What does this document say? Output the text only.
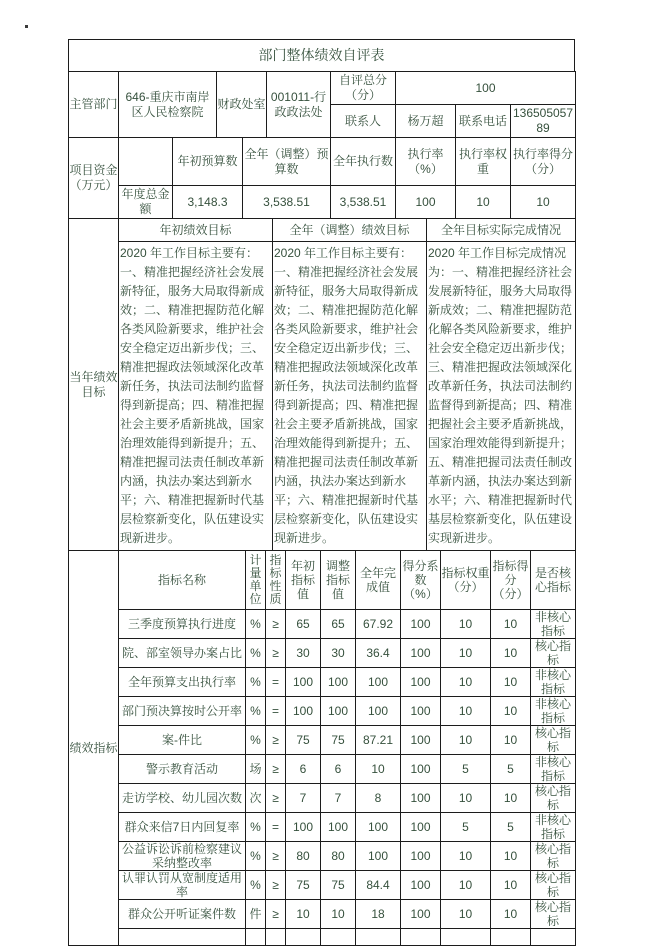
部门整体绩效自评表
主管部门	646-重庆市南岸区人民检察院	财政处室	001011-行政政法处	自评总分（分）	100		
				联系人	杨万超	联系电话	13650505789
项目资金（万元）		年初预算数	全年（调整）预算数	全年执行数	执行率（%）	执行率权重	执行率得分（分）
	年度总金额	3,148.3	3,538.51	3,538.51	100	10	10
当年绩效目标	年初绩效目标	全年（调整）绩效目标	全年目标实际完成情况
	2020 年工作目标主要有：一、精准把握经济社会发展新特征，服务大局取得新成效；二、精准把握防范化解各类风险新要求，维护社会安全稳定迈出新步伐；三、精准把握政法领域深化改革新任务，执法司法制约监督得到新提高；四、精准把握社会主要矛盾新挑战，国家治理效能得到新提升；五、精准把握司法责任制改革新内涵，执法办案达到新水平；六、精准把握新时代基层检察新变化，队伍建设实现新进步。	2020 年工作目标主要有：一、精准把握经济社会发展新特征，服务大局取得新成效；二、精准把握防范化解各类风险新要求，维护社会安全稳定迈出新步伐；三、精准把握政法领域深化改革新任务，执法司法制约监督得到新提高；四、精准把握社会主要矛盾新挑战，国家治理效能得到新提升；五、精准把握司法责任制改革新内涵，执法办案达到新水平；六、精准把握新时代基层检察新变化，队伍建设实现新进步。	2020 年工作目标完成情况为：一、精准把握经济社会发展新特征，服务大局取得新成效；二、精准把握防范化解各类风险新要求，维护社会安全稳定迈出新步伐；三、精准把握政法领域深化改革新任务，执法司法制约监督得到新提高；四、精准把握社会主要矛盾新挑战，国家治理效能得到新提升；五、精准把握司法责任制改革新内涵，执法办案达到新水平；六、精准把握新时代基层检察新变化，队伍建设实现新进步。
绩效指标	指标名称	计量单位	指标性质	年初指标值	调整指标值	全年完成值	得分系数（%）	指标权重（分）	指标得分（分）	是否核心指标
	三季度预算执行进度	%	≥	65	65	67.92	100	10	10	非核心指标
	院、部室领导办案占比	%	≥	30	30	36.4	100	10	10	核心指标
	全年预算支出执行率	%	=	100	100	100	100	10	10	非核心指标
	部门预决算按时公开率	%	=	100	100	100	100	10	10	非核心指标
	案-件比	%	≥	75	75	87.21	100	10	10	核心指标
	警示教育活动	场	≥	6	6	10	100	5	5	非核心指标
	走访学校、幼儿园次数	次	≥	7	7	8	100	10	10	核心指标
	群众来信7日内回复率	%	=	100	100	100	100	5	5	非核心指标
	公益诉讼诉前检察建议采纳整改率	%	≥	80	80	100	100	10	10	核心指标
	认罪认罚从宽制度适用率	%	≥	75	75	84.4	100	10	10	核心指标
	群众公开听证案件数	件	≥	10	10	18	100	10	10	核心指标
